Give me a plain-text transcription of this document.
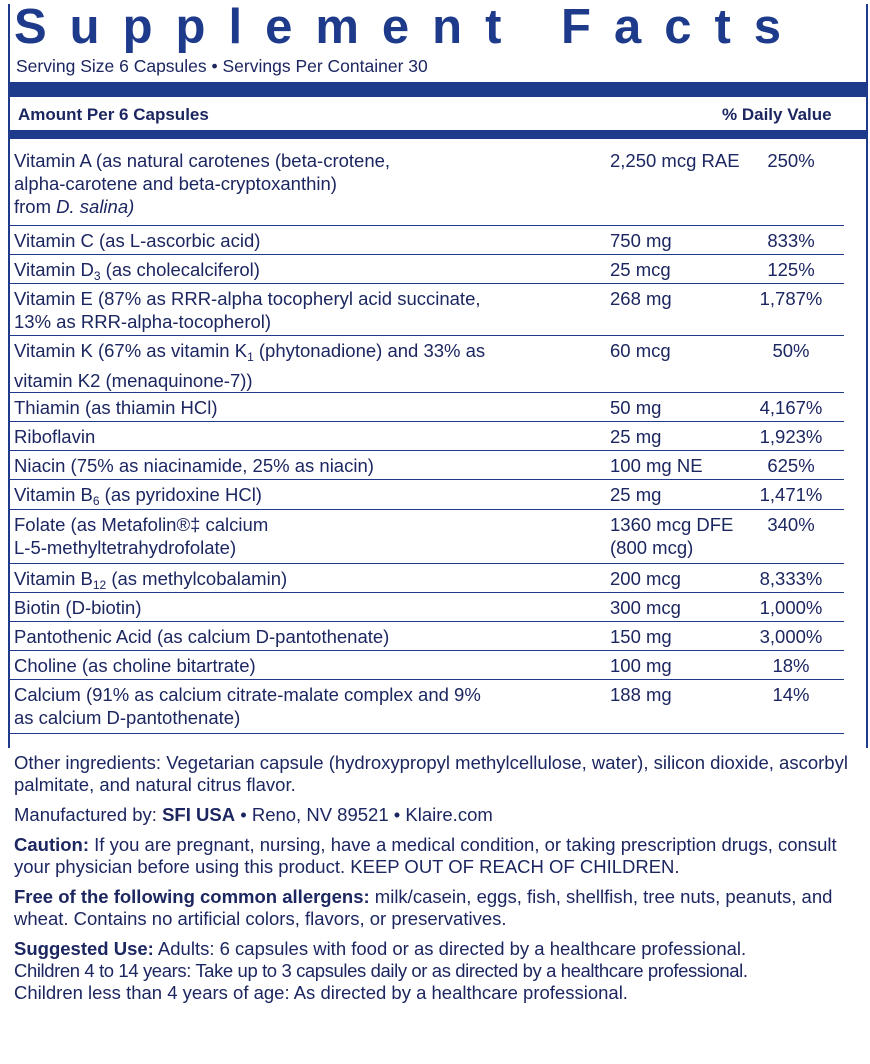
Supplement Facts
Serving Size 6 Capsules • Servings Per Container 30
Amount Per 6 Capsules	% Daily Value
Vitamin A (as natural carotenes (beta-crotene,
alpha-carotene and beta-cryptoxanthin)
from D. salina)
2,250 mcg RAE	250%
Vitamin C (as L-ascorbic acid)	750 mg	833%
Vitamin $D_3$ (as cholecalciferol)	25 mcg	125%
Vitamin E (87% as RRR-alpha tocopheryl acid succinate,
13% as RRR-alpha-tocopherol)
268 mg	1,787%
Vitamin K (67% as vitamin $K_1$ (phytonadione) and 33% as
vitamin K2 (menaquinone-7))
60 mcg	50%
Thiamin (as thiamin HCl)	50 mg	4,167%
Riboflavin	25 mg	1,923%
Niacin (75% as niacinamide, 25% as niacin)	100 mg NE	625%
Vitamin $B_6$ (as pyridoxine HCl)	25 mg	1,471%
Folate (as Metafolin®‡ calcium
L-5-methyltetrahydrofolate)
1360 mcg DFE
(800 mcg)
340%
Vitamin $B_{12}$ (as methylcobalamin)	200 mcg	8,333%
Biotin (D-biotin)	300 mcg	1,000%
Pantothenic Acid (as calcium D-pantothenate)	150 mg	3,000%
Choline (as choline bitartrate)	100 mg	18%
Calcium (91% as calcium citrate-malate complex and 9%
as calcium D-pantothenate)
188 mg	14%

Other ingredients: Vegetarian capsule (hydroxypropyl methylcellulose, water), silicon dioxide, ascorbyl palmitate, and natural citrus flavor.

Manufactured by: SFI USA • Reno, NV 89521 • Klaire.com

Caution: If you are pregnant, nursing, have a medical condition, or taking prescription drugs, consult your physician before using this product. KEEP OUT OF REACH OF CHILDREN.

Free of the following common allergens: milk/casein, eggs, fish, shellfish, tree nuts, peanuts, and wheat. Contains no artificial colors, flavors, or preservatives.

Suggested Use: Adults: 6 capsules with food or as directed by a healthcare professional.

Children 4 to 14 years: Take up to 3 capsules daily or as directed by a healthcare professional.

Children less than 4 years of age: As directed by a healthcare professional.
